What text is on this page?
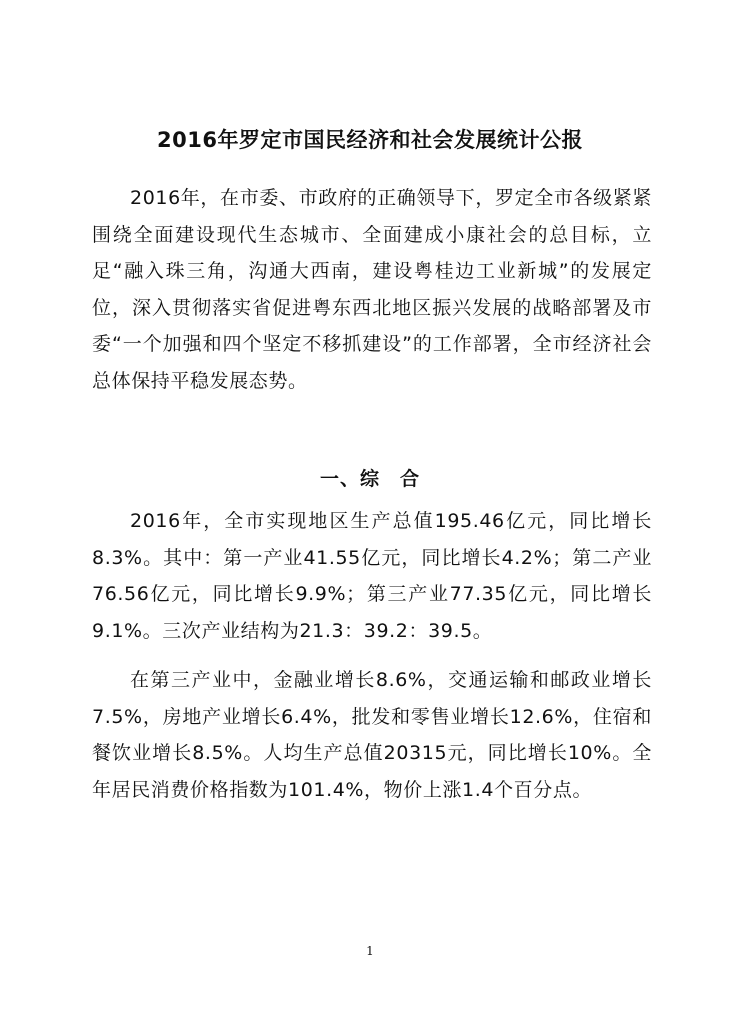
2016年罗定市国民经济和社会发展统计公报

2016年，在市委、市政府的正确领导下，罗定全市各级紧紧围绕全面建设现代生态城市、全面建成小康社会的总目标，立足“融入珠三角，沟通大西南，建设粤桂边工业新城”的发展定位，深入贯彻落实省促进粤东西北地区振兴发展的战略部署及市委“一个加强和四个坚定不移抓建设”的工作部署，全市经济社会总体保持平稳发展态势。

一、综　合

2016年，全市实现地区生产总值195.46亿元，同比增长8.3%。其中：第一产业41.55亿元，同比增长4.2%；第二产业76.56亿元，同比增长9.9%；第三产业77.35亿元，同比增长9.1%。三次产业结构为21.3：39.2：39.5。

在第三产业中，金融业增长8.6%，交通运输和邮政业增长7.5%，房地产业增长6.4%，批发和零售业增长12.6%，住宿和餐饮业增长8.5%。人均生产总值20315元，同比增长10%。全年居民消费价格指数为101.4%，物价上涨1.4个百分点。

1
